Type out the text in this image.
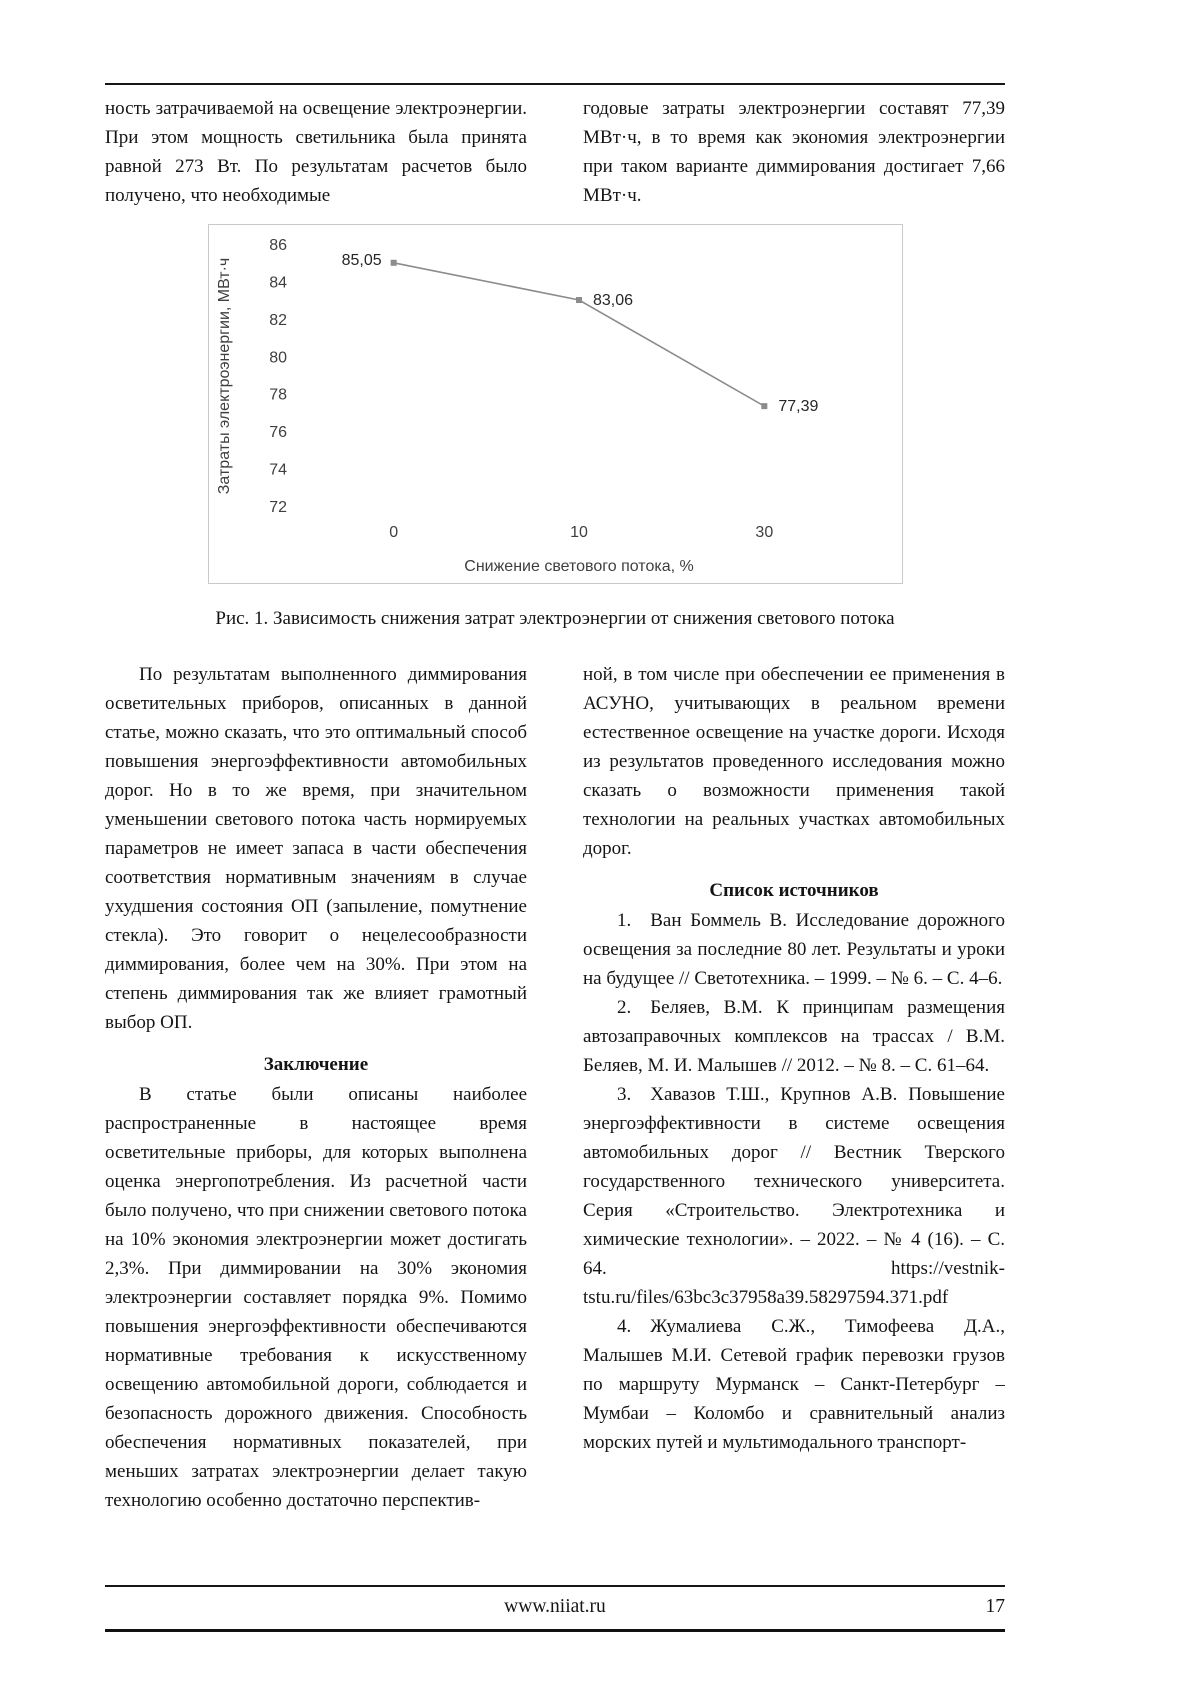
ность затрачиваемой на освещение электроэнергии. При этом мощность светильника была принята равной 273 Вт. По результатам расчетов было получено, что необходимые

годовые затраты электроэнергии составят 77,39 МВт·ч, в то время как экономия электроэнергии при таком варианте диммирования достигает 7,66 МВт·ч.

86
84
82
80
78
76
74
72
0	10	30
85,05
83,06
77,39
Снижение светового потока, %
Затраты электроэнергии, МВт·ч
Рис. 1. Зависимость снижения затрат электроэнергии от снижения светового потока

По результатам выполненного диммирования осветительных приборов, описанных в данной статье, можно сказать, что это оптимальный способ повышения энергоэффективности автомобильных дорог. Но в то же время, при значительном уменьшении светового потока часть нормируемых параметров не имеет запаса в части обеспечения соответствия нормативным значениям в случае ухудшения состояния ОП (запыление, помутнение стекла). Это говорит о нецелесообразности диммирования, более чем на 30%. При этом на степень диммирования так же влияет грамотный выбор ОП.

Заключение

В статье были описаны наиболее распространенные в настоящее время осветительные приборы, для которых выполнена оценка энергопотребления. Из расчетной части было получено, что при снижении светового потока на 10% экономия электроэнергии может достигать 2,3%. При диммировании на 30% экономия электроэнергии составляет порядка 9%. Помимо повышения энергоэффективности обеспечиваются нормативные требования к искусственному освещению автомобильной дороги, соблюдается и безопасность дорожного движения. Способность обеспечения нормативных показателей, при меньших затратах электроэнергии делает такую технологию особенно достаточно перспектив-

ной, в том числе при обеспечении ее применения в АСУНО, учитывающих в реальном времени естественное освещение на участке дороги. Исходя из результатов проведенного исследования можно сказать о возможности применения такой технологии на реальных участках автомобильных дорог.

Список источников

1. Ван Боммель В. Исследование дорожного освещения за последние 80 лет. Результаты и уроки на будущее // Светотехника. – 1999. – № 6. – С. 4–6.

2. Беляев, В.М. К принципам размещения автозаправочных комплексов на трассах / В.М. Беляев, М. И. Малышев // 2012. – № 8. – С. 61–64.

3. Хавазов Т.Ш., Крупнов А.В. Повышение энергоэффективности в системе освещения автомобильных дорог // Вестник Тверского государственного технического университета. Серия «Строительство. Электротехника и химические технологии». – 2022. – № 4 (16). – С. 64. https://vestnik-tstu.ru/files/63bc3c37958a39.58297594.371.pdf

4. Жумалиева С.Ж., Тимофеева Д.А., Малышев М.И. Сетевой график перевозки грузов по маршруту Мурманск – Санкт-Петербург – Мумбаи – Коломбо и сравнительный анализ морских путей и мультимодального транспорт-

www.niiat.ru	17
